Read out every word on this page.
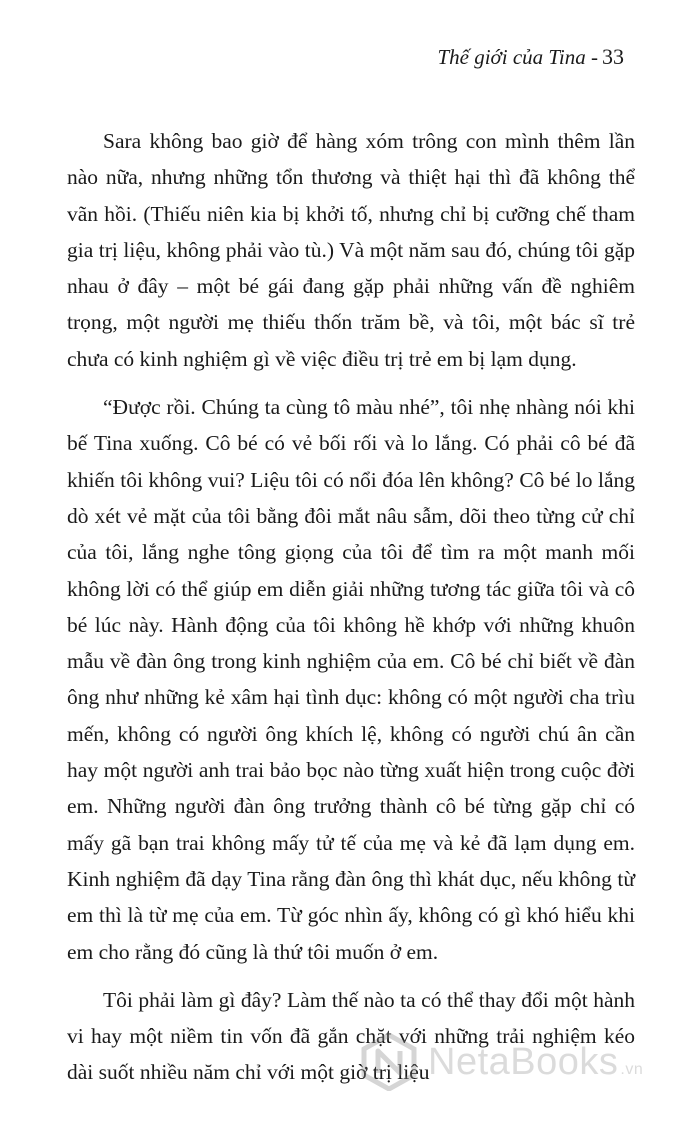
Thế giới của Tina - 33

Sara không bao giờ để hàng xóm trông con mình thêm lần nào nữa, nhưng những tổn thương và thiệt hại thì đã không thể vãn hồi. (Thiếu niên kia bị khởi tố, nhưng chỉ bị cưỡng chế tham gia trị liệu, không phải vào tù.) Và một năm sau đó, chúng tôi gặp nhau ở đây – một bé gái đang gặp phải những vấn đề nghiêm trọng, một người mẹ thiếu thốn trăm bề, và tôi, một bác sĩ trẻ chưa có kinh nghiệm gì về việc điều trị trẻ em bị lạm dụng.

“Được rồi. Chúng ta cùng tô màu nhé”, tôi nhẹ nhàng nói khi bế Tina xuống. Cô bé có vẻ bối rối và lo lắng. Có phải cô bé đã khiến tôi không vui? Liệu tôi có nổi đóa lên không? Cô bé lo lắng dò xét vẻ mặt của tôi bằng đôi mắt nâu sẫm, dõi theo từng cử chỉ của tôi, lắng nghe tông giọng của tôi để tìm ra một manh mối không lời có thể giúp em diễn giải những tương tác giữa tôi và cô bé lúc này. Hành động của tôi không hề khớp với những khuôn mẫu về đàn ông trong kinh nghiệm của em. Cô bé chỉ biết về đàn ông như những kẻ xâm hại tình dục: không có một người cha trìu mến, không có người ông khích lệ, không có người chú ân cần hay một người anh trai bảo bọc nào từng xuất hiện trong cuộc đời em. Những người đàn ông trưởng thành cô bé từng gặp chỉ có mấy gã bạn trai không mấy tử tế của mẹ và kẻ đã lạm dụng em. Kinh nghiệm đã dạy Tina rằng đàn ông thì khát dục, nếu không từ em thì là từ mẹ của em. Từ góc nhìn ấy, không có gì khó hiểu khi em cho rằng đó cũng là thứ tôi muốn ở em.

Tôi phải làm gì đây? Làm thế nào ta có thể thay đổi một hành vi hay một niềm tin vốn đã gắn chặt với những trải nghiệm kéo dài suốt nhiều năm chỉ với một giờ trị liệu

NetaBooks .vn
